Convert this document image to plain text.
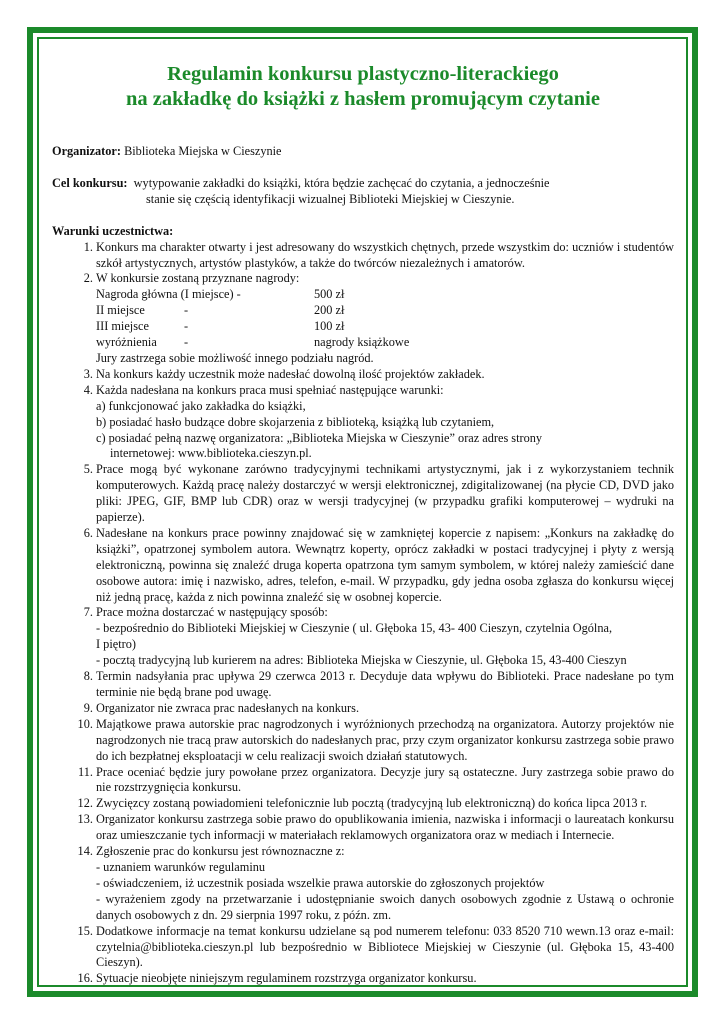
Regulamin konkursu plastyczno-literackiego
na zakładkę do książki z hasłem promującym czytanie
Organizator: Biblioteka Miejska w Cieszynie
Cel konkursu: wytypowanie zakładki do książki, która będzie zachęcać do czytania, a jednocześnie
stanie się częścią identyfikacji wizualnej Biblioteki Miejskiej w Cieszynie.
Warunki uczestnictwa:
1. Konkurs ma charakter otwarty i jest adresowany do wszystkich chętnych, przede wszystkim do: uczniów i studentów szkół artystycznych, artystów plastyków, a także do twórców niezależnych i amatorów.
2. W konkursie zostaną przyznane nagrody:
Nagroda główna (I miejsce) -		500 zł
II miejsce	-	200 zł
III miejsce	-	100 zł
wyróżnienia	-	nagrody książkowe
Jury zastrzega sobie możliwość innego podziału nagród.
3. Na konkurs każdy uczestnik może nadesłać dowolną ilość projektów zakładek.
4. Każda nadesłana na konkurs praca musi spełniać następujące warunki:
a) funkcjonować jako zakładka do książki,
b) posiadać hasło budzące dobre skojarzenia z biblioteką, książką lub czytaniem,
c) posiadać pełną nazwę organizatora: „Biblioteka Miejska w Cieszynie” oraz adres strony
internetowej: www.biblioteka.cieszyn.pl.
5. Prace mogą być wykonane zarówno tradycyjnymi technikami artystycznymi, jak i z wykorzystaniem technik komputerowych. Każdą pracę należy dostarczyć w wersji elektronicznej, zdigitalizowanej (na płycie CD, DVD jako pliki: JPEG, GIF, BMP lub CDR) oraz w wersji tradycyjnej (w przypadku grafiki komputerowej – wydruki na papierze).
6. Nadesłane na konkurs prace powinny znajdować się w zamkniętej kopercie z napisem: „Konkurs na zakładkę do książki”, opatrzonej symbolem autora. Wewnątrz koperty, oprócz zakładki w postaci tradycyjnej i płyty z wersją elektroniczną, powinna się znaleźć druga koperta opatrzona tym samym symbolem, w której należy zamieścić dane osobowe autora: imię i nazwisko, adres, telefon, e-mail. W przypadku, gdy jedna osoba zgłasza do konkursu więcej niż jedną pracę, każda z nich powinna znaleźć się w osobnej kopercie.
7. Prace można dostarczać w następujący sposób:
- bezpośrednio do Biblioteki Miejskiej w Cieszynie ( ul. Głęboka 15, 43- 400 Cieszyn, czytelnia Ogólna,
I piętro)
- pocztą tradycyjną lub kurierem na adres: Biblioteka Miejska w Cieszynie, ul. Głęboka 15, 43-400 Cieszyn
8. Termin nadsyłania prac upływa 29 czerwca 2013 r. Decyduje data wpływu do Biblioteki. Prace nadesłane po tym terminie nie będą brane pod uwagę.
9. Organizator nie zwraca prac nadesłanych na konkurs.
10. Majątkowe prawa autorskie prac nagrodzonych i wyróżnionych przechodzą na organizatora. Autorzy projektów nie nagrodzonych nie tracą praw autorskich do nadesłanych prac, przy czym organizator konkursu zastrzega sobie prawo do ich bezpłatnej eksploatacji w celu realizacji swoich działań statutowych.
11. Prace oceniać będzie jury powołane przez organizatora. Decyzje jury są ostateczne. Jury zastrzega sobie prawo do nie rozstrzygnięcia konkursu.
12. Zwycięzcy zostaną powiadomieni telefonicznie lub pocztą (tradycyjną lub elektroniczną) do końca lipca 2013 r.
13. Organizator konkursu zastrzega sobie prawo do opublikowania imienia, nazwiska i informacji o laureatach konkursu oraz umieszczanie tych informacji w materiałach reklamowych organizatora oraz w mediach i Internecie.
14. Zgłoszenie prac do konkursu jest równoznaczne z:
- uznaniem warunków regulaminu
- oświadczeniem, iż uczestnik posiada wszelkie prawa autorskie do zgłoszonych projektów
- wyrażeniem zgody na przetwarzanie i udostępnianie swoich danych osobowych zgodnie z Ustawą o ochronie danych osobowych z dn. 29 sierpnia 1997 roku, z późn. zm.
15. Dodatkowe informacje na temat konkursu udzielane są pod numerem telefonu: 033 8520 710 wewn.13 oraz e-mail: czytelnia@biblioteka.cieszyn.pl lub bezpośrednio w Bibliotece Miejskiej w Cieszynie (ul. Głęboka 15, 43-400 Cieszyn).
16. Sytuacje nieobjęte niniejszym regulaminem rozstrzyga organizator konkursu.
